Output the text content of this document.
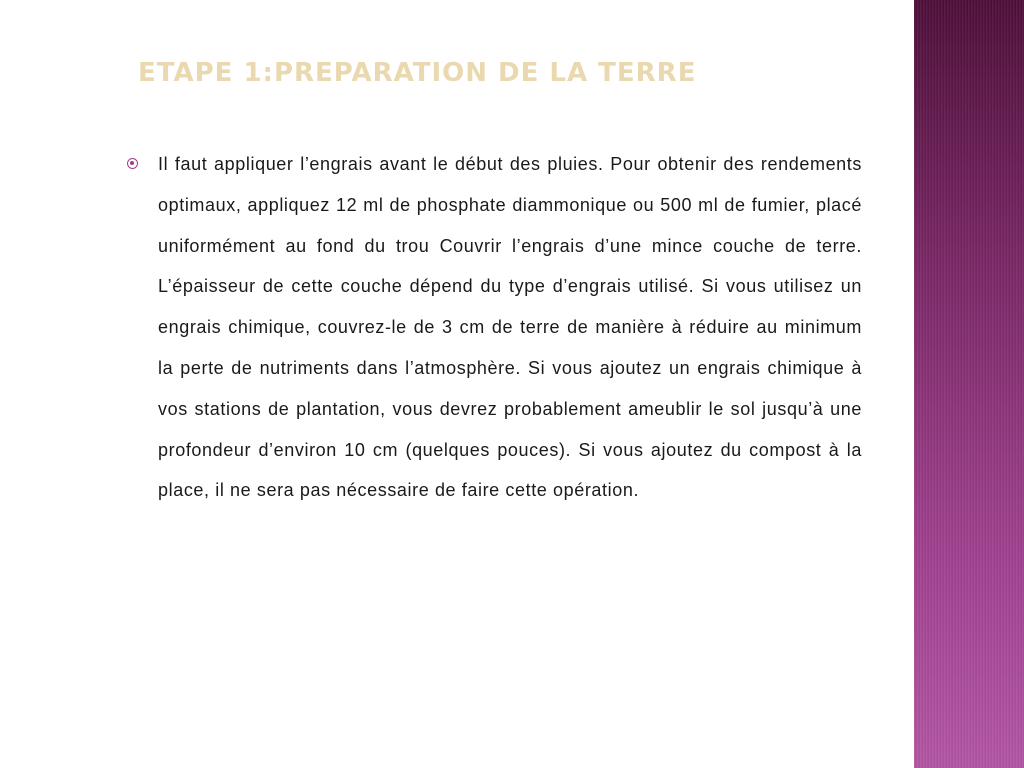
ETAPE 1:PREPARATION DE LA TERRE

Il faut appliquer l’engrais avant le début des pluies. Pour obtenir des rendements optimaux, appliquez 12 ml de phosphate diammonique ou 500 ml de fumier, placé uniformément au fond du trou Couvrir l’engrais d’une mince couche de terre. L’épaisseur de cette couche dépend du type d’engrais utilisé. Si vous utilisez un engrais chimique, couvrez-le de 3 cm de terre de manière à réduire au minimum la perte de nutriments dans l’atmosphère. Si vous ajoutez un engrais chimique à vos stations de plantation, vous devrez probablement ameublir le sol jusqu’à une profondeur d’environ 10 cm (quelques pouces). Si vous ajoutez du compost à la place, il ne sera pas nécessaire de faire cette opération.
